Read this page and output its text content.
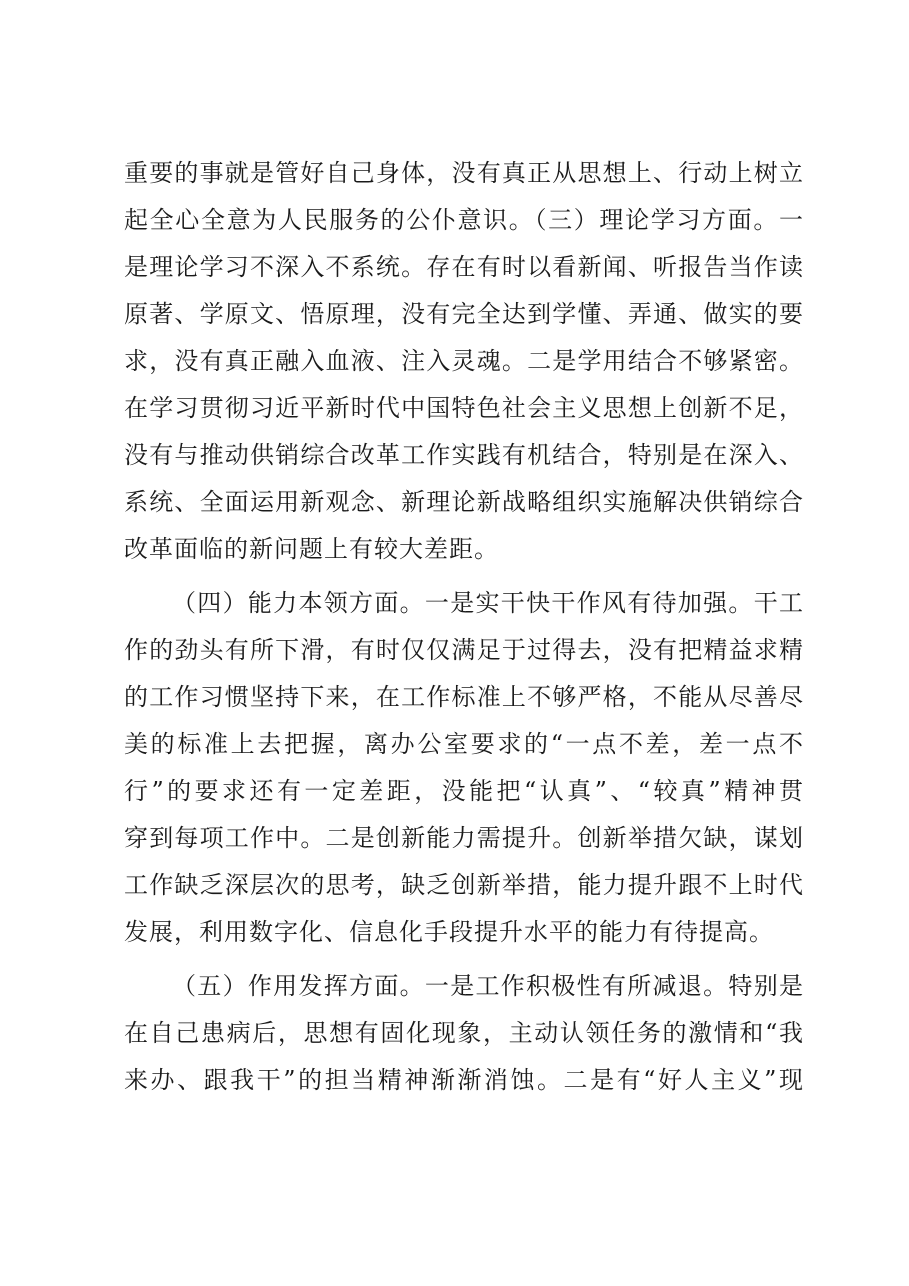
重要的事就是管好自己身体，没有真正从思想上、行动上树立
起全心全意为人民服务的公仆意识。（三）理论学习方面。一
是理论学习不深入不系统。存在有时以看新闻、听报告当作读
原著、学原文、悟原理，没有完全达到学懂、弄通、做实的要
求，没有真正融入血液、注入灵魂。二是学用结合不够紧密。
在学习贯彻习近平新时代中国特色社会主义思想上创新不足，
没有与推动供销综合改革工作实践有机结合，特别是在深入、
系统、全面运用新观念、新理论新战略组织实施解决供销综合
改革面临的新问题上有较大差距。
（四）能力本领方面。一是实干快干作风有待加强。干工
作的劲头有所下滑，有时仅仅满足于过得去，没有把精益求精
的工作习惯坚持下来，在工作标准上不够严格，不能从尽善尽
美的标准上去把握，离办公室要求的“一点不差，差一点不
行”的要求还有一定差距，没能把“认真”、“较真”精神贯
穿到每项工作中。二是创新能力需提升。创新举措欠缺，谋划
工作缺乏深层次的思考，缺乏创新举措，能力提升跟不上时代
发展，利用数字化、信息化手段提升水平的能力有待提高。
（五）作用发挥方面。一是工作积极性有所减退。特别是
在自己患病后，思想有固化现象，主动认领任务的激情和“我
来办、跟我干”的担当精神渐渐消蚀。二是有“好人主义”现
